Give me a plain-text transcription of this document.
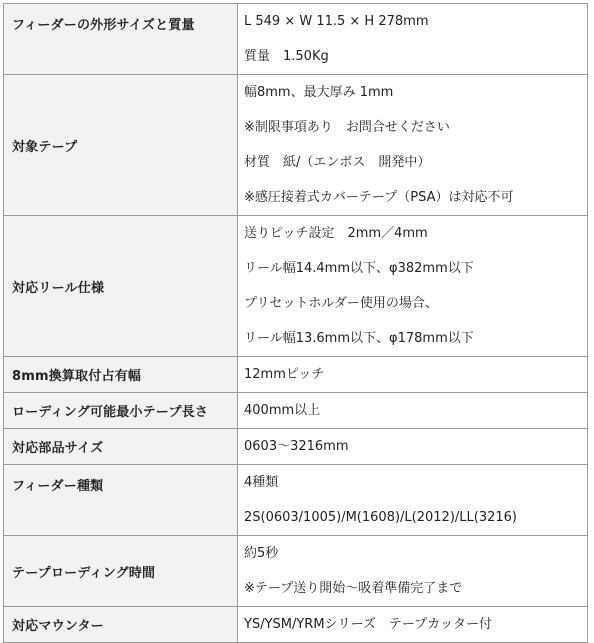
フィーダーの外形サイズと質量	L 549 × W 11.5 × H 278mm
質量　1.50Kg

対象テープ	幅8mm、最大厚み 1mm
※制限事項あり　お問合せください
材質　紙/（エンボス　開発中）
※感圧接着式カバーテープ（PSA）は対応不可

対応リール仕様	送りピッチ設定　2mm／4mm
リール幅14.4mm以下、φ382mm以下
プリセットホルダー使用の場合、
リール幅13.6mm以下、φ178mm以下

8mm換算取付占有幅	12mmピッチ

ローディング可能最小テープ長さ	400mm以上

対応部品サイズ	0603～3216mm

フィーダー種類	4種類
2S(0603/1005)/M(1608)/L(2012)/LL(3216)

テープローディング時間	約5秒
※テープ送り開始～吸着準備完了まで

対応マウンター	YS/YSM/YRMシリーズ　テープカッター付
